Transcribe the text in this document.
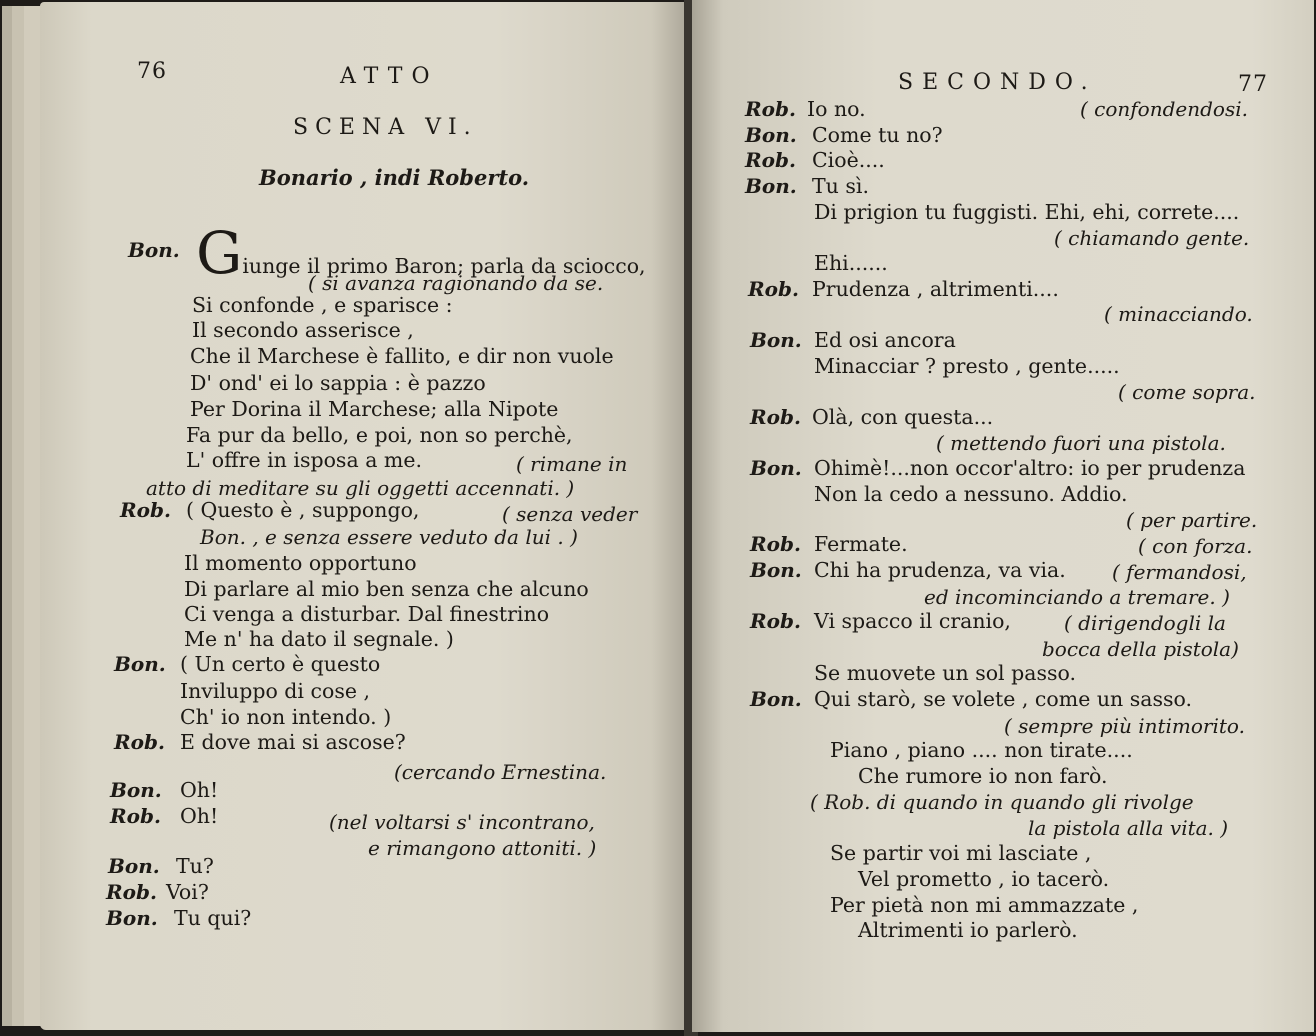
76	ATTO
SCENA VI.
Bonario , indi Roberto.
Bon. Giunge il primo Baron; parla da sciocco,
( si avanza ragionando da se.
Si confonde , e sparisce :
Il secondo asserisce ,
Che il Marchese è fallito, e dir non vuole
D' ond' ei lo sappia : è pazzo
Per Dorina il Marchese; alla Nipote
Fa pur da bello, e poi, non so perchè,
L' offre in isposa a me.	( rimane in
atto di meditare su gli oggetti accennati. )
Rob. ( Questo è , suppongo,	( senza veder
Bon. , e senza essere veduto da lui . )
Il momento opportuno
Di parlare al mio ben senza che alcuno
Ci venga a disturbar. Dal finestrino
Me n' ha dato il segnale. )
Bon. ( Un certo è questo
Inviluppo di cose ,
Ch' io non intendo. )
Rob. E dove mai si ascose?
(cercando Ernestina.
Bon. Oh!
Rob. Oh!	(nel voltarsi s' incontrano,
e rimangono attoniti. )
Bon. Tu?
Rob. Voi?
Bon. Tu qui?
SECONDO.	77
Rob. Io no.	( confondendosi.
Bon. Come tu no?
Rob. Cioè....
Bon. Tu sì.
Di prigion tu fuggisti. Ehi, ehi, correte....
( chiamando gente.
Ehi......
Rob. Prudenza , altrimenti....
( minacciando.
Bon. Ed osi ancora
Minacciar ? presto , gente.....
( come sopra.
Rob. Olà, con questa...
( mettendo fuori una pistola.
Bon. Ohimè!...non occor'altro: io per prudenza
Non la cedo a nessuno. Addio.
( per partire.
Rob. Fermate.	( con forza.
Bon. Chi ha prudenza, va via. ( fermandosi,
ed incominciando a tremare. )
Rob. Vi spacco il cranio,	( dirigendogli la
bocca della pistola)
Se muovete un sol passo.
Bon. Qui starò, se volete , come un sasso.
( sempre più intimorito.
Piano , piano .... non tirate....
Che rumore io non farò.
( Rob. di quando in quando gli rivolge
la pistola alla vita. )
Se partir voi mi lasciate ,
Vel prometto , io tacerò.
Per pietà non mi ammazzate ,
Altrimenti io parlerò.
